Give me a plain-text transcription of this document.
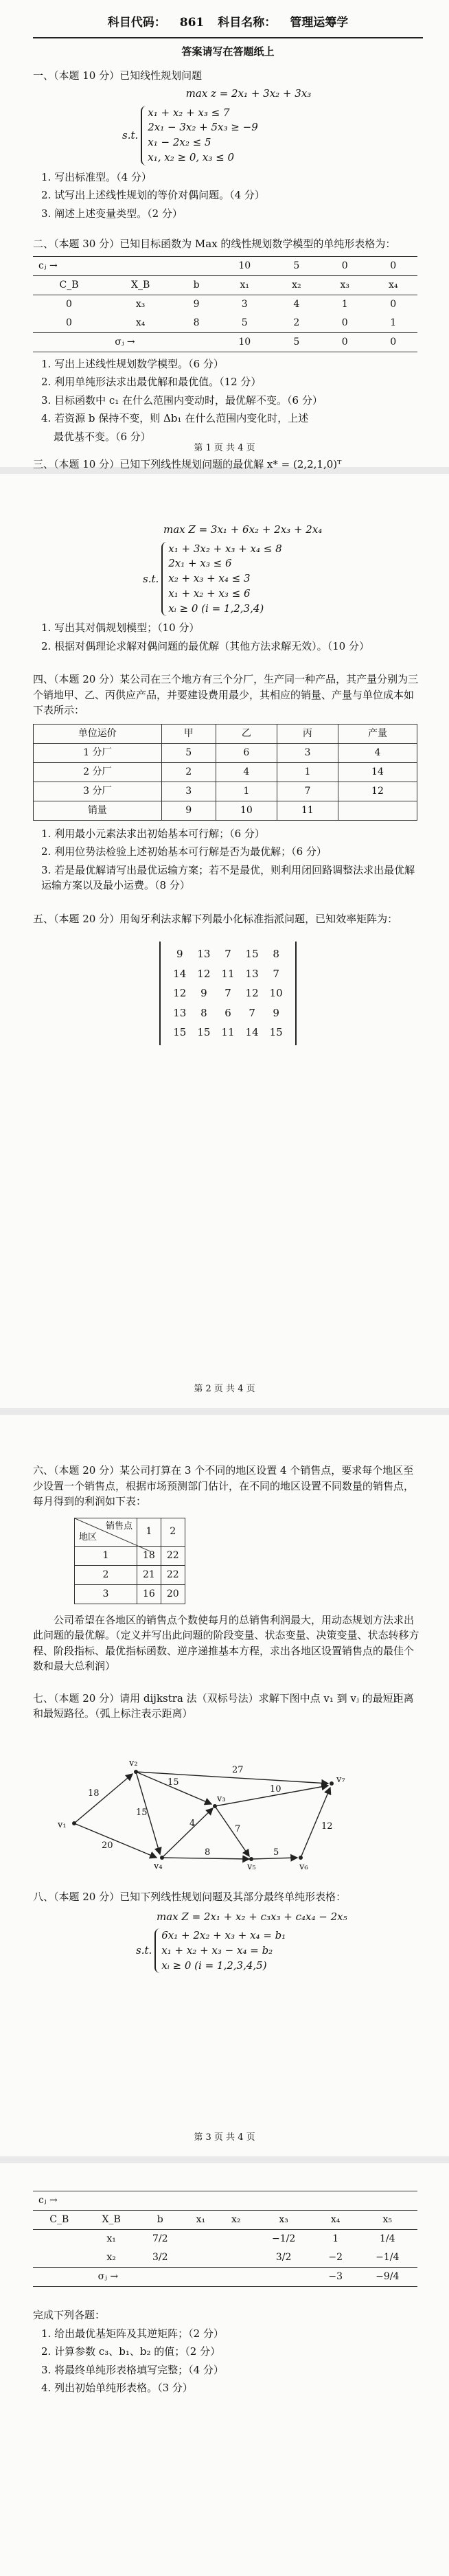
科目代码： 861 科目名称： 管理运筹学
答案请写在答题纸上
一、（本题 10 分）已知线性规划问题
max z = 2x₁ + 3x₂ + 3x₃
s.t.
x₁ + x₂ + x₃ ≤ 7
2x₁ − 3x₂ + 5x₃ ≥ −9
x₁ − 2x₂ ≤ 5
x₁, x₂ ≥ 0, x₃ ≤ 0
1. 写出标准型。（4 分）
2. 试写出上述线性规划的等价对偶问题。（4 分）
3. 阐述上述变量类型。（2 分）
二、（本题 30 分）已知目标函数为 Max 的线性规划数学模型的单纯形表格为：
cⱼ →			10	5	0	0
C_B	X_B	b	x₁	x₂	x₃	x₄
0	x₃	9	3	4	1	0
0	x₄	8	5	2	0	1
σⱼ →			10	5	0	0
1. 写出上述线性规划数学模型。（6 分）
2. 利用单纯形法求出最优解和最优值。（12 分）
3. 目标函数中 c₁ 在什么范围内变动时，最优解不变。（6 分）
4. 若资源 b 保持不变，则 Δb₁ 在什么范围内变化时，上述
最优基不变。（6 分）
三、（本题 10 分）已知下列线性规划问题的最优解 x* = (2,2,1,0)ᵀ
第 1 页 共 4 页
max Z = 3x₁ + 6x₂ + 2x₃ + 2x₄
s.t.
x₁ + 3x₂ + x₃ + x₄ ≤ 8
2x₁ + x₃ ≤ 6
x₂ + x₃ + x₄ ≤ 3
x₁ + x₂ + x₃ ≤ 6
xᵢ ≥ 0 (i = 1,2,3,4)
1. 写出其对偶规划模型；（10 分）
2. 根据对偶理论求解对偶问题的最优解（其他方法求解无效）。（10 分）
四、（本题 20 分）某公司在三个地方有三个分厂，生产同一种产品，其产量分别为三个销地甲、乙、丙供应产品，并要建设费用最少，其相应的销量、产量与单位成本如下表所示：
单位运价	甲	乙	丙	产量
1 分厂	5	6	3	4
2 分厂	2	4	1	14
3 分厂	3	1	7	12
销量	9	10	11	
1. 利用最小元素法求出初始基本可行解；（6 分）
2. 利用位势法检验上述初始基本可行解是否为最优解；（6 分）
3. 若是最优解请写出最优运输方案；若不是最优，则利用闭回路调整法求出最优解运输方案以及最小运费。（8 分）
五、（本题 20 分）用匈牙利法求解下列最小化标准指派问题，已知效率矩阵为：
9	13	7	15	8
14	12	11	13	7
12	9	7	12	10
13	8	6	7	9
15	15	11	14	15
第 2 页 共 4 页
六、（本题 20 分）某公司打算在 3 个不同的地区设置 4 个销售点，要求每个地区至少设置一个销售点，根据市场预测部门估计，在不同的地区设置不同数量的销售点，每月得到的利润如下表：
销售点
地区	1	2
1	18	22
2	21	22
3	16	20
公司希望在各地区的销售点个数使每月的总销售利润最大，用动态规划方法求出此问题的最优解。（定义并写出此问题的阶段变量、状态变量、决策变量、状态转移方程、阶段指标、最优指标函数、逆序递推基本方程，求出各地区设置销售点的最佳个数和最大总利润）
七、（本题 20 分）请用 dijkstra 法（双标号法）求解下图中点 v₁ 到 vⱼ 的最短距离和最短路径。（弧上标注表示距离）
v₁
v₂
v₃
v₄	v₅	v₆
v₇
27
18
15
15
20
12
10
8
7
4
5
八、（本题 20 分）已知下列线性规划问题及其部分最终单纯形表格：
max Z = 2x₁ + x₂ + c₃x₃ + c₄x₄ − 2x₅
s.t.
6x₁ + 2x₂ + x₃ + x₄ = b₁
x₁ + x₂ + x₃ − x₄ = b₂
xᵢ ≥ 0 (i = 1,2,3,4,5)
第 3 页 共 4 页
cⱼ →							
C_B	X_B	b	x₁	x₂	x₃	x₄	x₅
	x₁	7/2			−1/2	1	1/4
	x₂	3/2			3/2	−2	−1/4
σⱼ →						−3	−9/4
完成下列各题：
1. 给出最优基矩阵及其逆矩阵；（2 分）
2. 计算参数 c₃、b₁、b₂ 的值；（2 分）
3. 将最终单纯形表格填写完整；（4 分）
4. 列出初始单纯形表格。（3 分）
